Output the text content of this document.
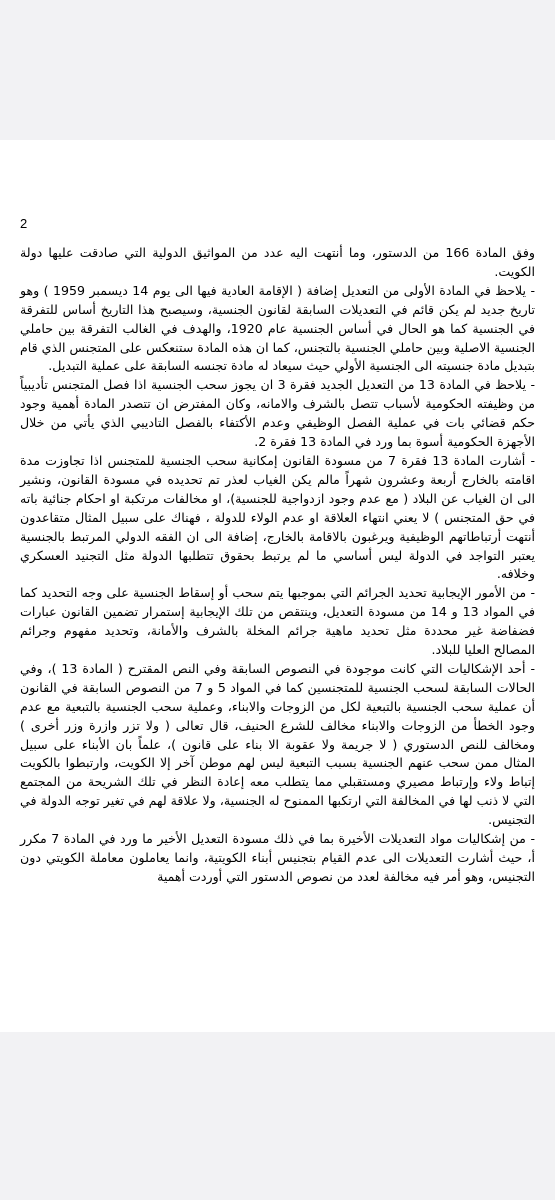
2

وفق المادة 166 من الدستور، وما أنتهت اليه عدد من المواثيق الدولية التي صادقت عليها دولة الكويت.

- يلاحظ في المادة الأولى من التعديل إضافة ( الإقامة العادية فيها الى يوم 14 ديسمبر 1959 ) وهو تاريخ جديد لم يكن قائم في التعديلات السابقة لقانون الجنسية، وسيصبح هذا التاريخ أساس للتفرقة في الجنسية كما هو الحال في أساس الجنسية عام 1920، والهدف في الغالب التفرقة بين حاملي الجنسية الاصلية وبين حاملي الجنسية بالتجنس، كما ان هذه المادة ستنعكس على المتجنس الذي قام بتبديل مادة جنسيته الى الجنسية الأولي حيث سيعاد له مادة تجنسه السابقة على عملية التبديل.

- يلاحظ في المادة 13 من التعديل الجديد فقرة 3 ان يجوز سحب الجنسية اذا فصل المتجنس تأديبياً من وظيفته الحكومية لأسباب تتصل بالشرف والامانه، وكان المفترض ان تتصدر المادة أهمية وجود حكم قضائي بات في عملية الفصل الوظيفي وعدم الأكتفاء بالفصل التاديبي الذي يأتي من خلال الأجهزة الحكومية أسوة بما ورد في المادة 13 فقرة 2.

- أشارت المادة 13 فقرة 7 من مسودة القانون إمكانية سحب الجنسية للمتجنس اذا تجاوزت مدة اقامته بالخارج أربعة وعشرون شهراً مالم يكن الغياب لعذر تم تحديده في مسودة القانون، ونشير الى ان الغياب عن البلاد ( مع عدم وجود ازدواجية للجنسية)، او مخالفات مرتكبة او احكام جنائية باته في حق المتجنس ) لا يعني انتهاء العلاقة او عدم الولاء للدولة ، فهناك على سبيل المثال متقاعدون أنتهت أرتباطاتهم الوظيفية ويرغبون بالاقامة بالخارج، إضافة الى ان الفقه الدولي المرتبط بالجنسية يعتبر التواجد في الدولة ليس أساسي ما لم يرتبط بحقوق تتطلبها الدولة مثل التجنيد العسكري وخلافه.

- من الأمور الإيجابية تحديد الجرائم التي بموجبها يتم سحب أو إسقاط الجنسية على وجه التحديد كما في المواد 13 و 14 من مسودة التعديل، وينتقص من تلك الإيجابية إستمرار تضمين القانون عبارات فضفاضة غير محددة مثل تحديد ماهية جرائم المخلة بالشرف والأمانة، وتحديد مفهوم وجرائم المصالح العليا للبلاد.

- أحد الإشكاليات التي كانت موجودة في النصوص السابقة وفي النص المقترح ( المادة 13 )، وفي الحالات السابقة لسحب الجنسية للمتجنسين كما في المواد 5 و 7 من النصوص السابقة في القانون أن عملية سحب الجنسية بالتبعية لكل من الزوجات والابناء، وعملية سحب الجنسية بالتبعية مع عدم وجود الخطأ من الزوجات والابناء مخالف للشرع الحنيف، قال تعالى ( ولا تزر وازرة وزر أخرى ) ومخالف للنص الدستوري ( لا جريمة ولا عقوبة الا بناء على قانون )، علماً بان الأبناء على سبيل المثال ممن سحب عنهم الجنسية بسبب التبعية ليس لهم موطن آخر إلا الكويت، وارتبطوا بالكويت إتباط ولاء وإرتباط مصيري ومستقبلي مما يتطلب معه إعادة النظر في تلك الشريحة من المجتمع التي لا ذنب لها في المخالفة التي ارتكبها الممنوح له الجنسية، ولا علاقة لهم في تغير توجه الدولة في التجنيس.

- من إشكاليات مواد التعديلات الأخيرة بما في ذلك مسودة التعديل الأخير ما ورد في المادة 7 مكرر أ، حيث أشارت التعديلات الى عدم القيام بتجنيس أبناء الكويتية، وانما يعاملون معاملة الكويتي دون التجنيس، وهو أمر فيه مخالفة لعدد من نصوص الدستور التي أوردت أهمية
